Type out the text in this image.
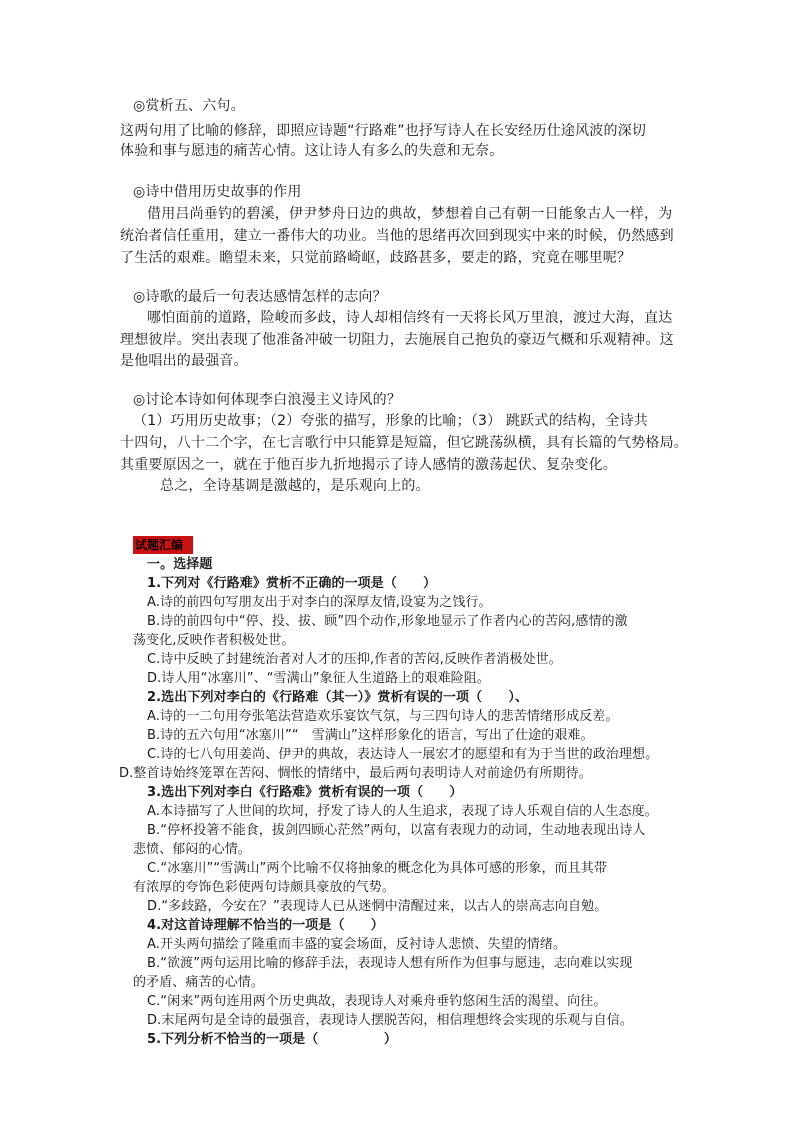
◎赏析五、六句。
这两句用了比喻的修辞，即照应诗题“行路难”也抒写诗人在长安经历仕途风波的深切
体验和事与愿违的痛苦心情。这让诗人有多么的失意和无奈。
◎诗中借用历史故事的作用
借用吕尚垂钓的碧溪，伊尹梦舟日边的典故，梦想着自己有朝一日能象古人一样，为
统治者信任重用，建立一番伟大的功业。当他的思绪再次回到现实中来的时候，仍然感到
了生活的艰难。瞻望未来，只觉前路崎岖，歧路甚多，要走的路，究竟在哪里呢？
◎诗歌的最后一句表达感情怎样的志向？
哪怕面前的道路，险峻而多歧，诗人却相信终有一天将长风万里浪，渡过大海，直达
理想彼岸。突出表现了他准备冲破一切阻力，去施展自己抱负的豪迈气概和乐观精神。这
是他唱出的最强音。
◎讨论本诗如何体现李白浪漫主义诗风的？
（1）巧用历史故事；（2）夸张的描写，形象的比喻；（3） 跳跃式的结构，全诗共
十四句，八十二个字，在七言歌行中只能算是短篇，但它跳荡纵横，具有长篇的气势格局。
其重要原因之一，就在于他百步九折地揭示了诗人感情的激荡起伏、复杂变化。
总之，全诗基调是激越的，是乐观向上的。
试题汇编
一。选择题
1.下列对《行路难》赏析不正确的一项是（　　）
A.诗的前四句写朋友出于对李白的深厚友情,设宴为之饯行。
B.诗的前四句中“停、投、拔、顾”四个动作,形象地显示了作者内心的苦闷,感情的激
荡变化,反映作者积极处世。
C.诗中反映了封建统治者对人才的压抑,作者的苦闷,反映作者消极处世。
D.诗人用“冰塞川”、“雪满山”象征人生道路上的艰难险阻。
2.选出下列对李白的《行路难（其一）》赏析有误的一项（　　）、
A.诗的一二句用夸张笔法营造欢乐宴饮气氛，与三四句诗人的悲苦情绪形成反差。
B.诗的五六句用“冰塞川”“　雪满山”这样形象化的语言，写出了仕途的艰难。
C.诗的七八句用姜尚、伊尹的典故，表达诗人一展宏才的愿望和有为于当世的政治理想。
D.整首诗始终笼罩在苦闷、惆怅的情绪中，最后两句表明诗人对前途仍有所期待。
3.选出下列对李白《行路难》赏析有误的一项（　　）
A.本诗描写了人世间的坎坷，抒发了诗人的人生追求，表现了诗人乐观自信的人生态度。
B.“停杯投箸不能食，拔剑四顾心茫然”两句，以富有表现力的动词，生动地表现出诗人
悲愤、郁闷的心情。
C.“冰塞川”“雪满山”两个比喻不仅将抽象的概念化为具体可感的形象，而且其带
有浓厚的夸饰色彩使两句诗颇具豪放的气势。
D.“多歧路，今安在？”表现诗人已从迷惘中清醒过来，以古人的崇高志向自勉。
4.对这首诗理解不恰当的一项是（　　）
A.开头两句描绘了隆重而丰盛的宴会场面，反衬诗人悲愤、失望的情绪。
B.“欲渡”两句运用比喻的修辞手法，表现诗人想有所作为但事与愿违，志向难以实现
的矛盾、痛苦的心情。
C.“闲来”两句连用两个历史典故，表现诗人对乘舟垂钓悠闲生活的渴望、向往。
D.末尾两句是全诗的最强音，表现诗人摆脱苦闷，相信理想终会实现的乐观与自信。
5.下列分析不恰当的一项是（　　　　　）
